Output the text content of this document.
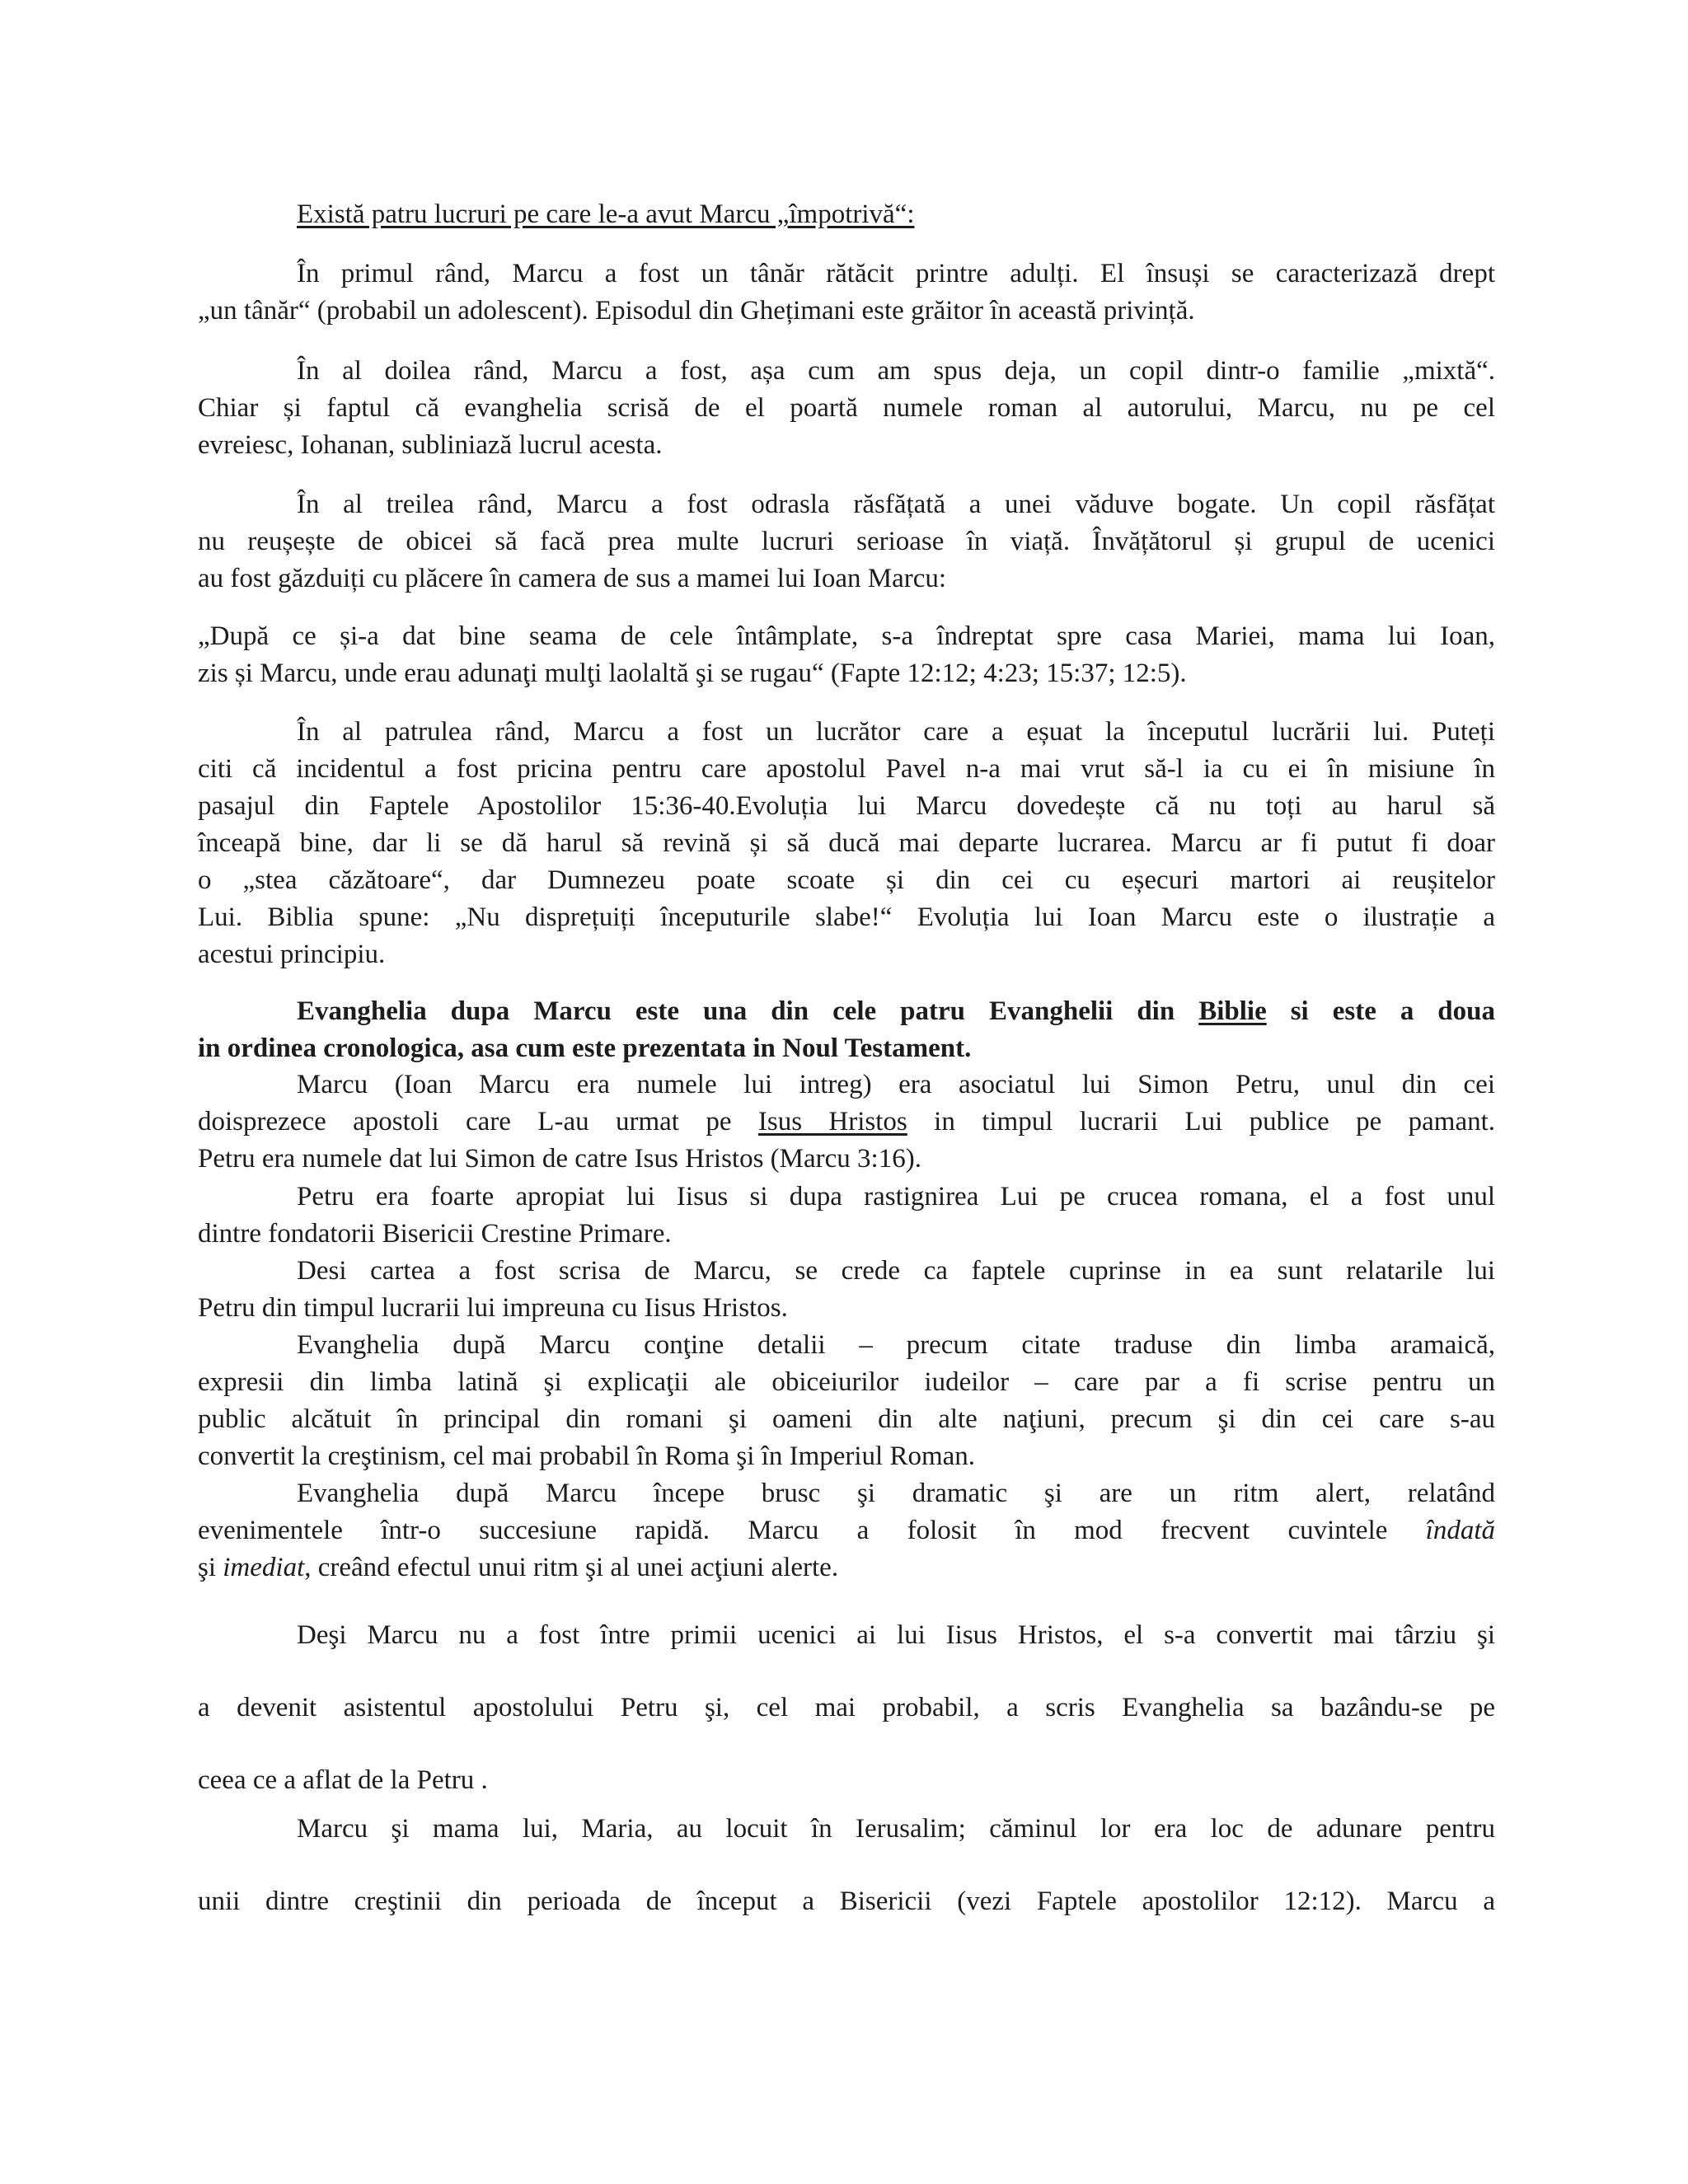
Există patru lucruri pe care le-a avut Marcu „împotrivă“:
În primul rând, Marcu a fost un tânăr rătăcit printre adulți. El însuși se caracterizază drept
„un tânăr“ (probabil un adolescent). Episodul din Ghețimani este grăitor în această privință.
În al doilea rând, Marcu a fost, așa cum am spus deja, un copil dintr-o familie „mixtă“.
Chiar și faptul că evanghelia scrisă de el poartă numele roman al autorului, Marcu, nu pe cel
evreiesc, Iohanan, subliniază lucrul acesta.
În al treilea rând, Marcu a fost odrasla răsfățată a unei văduve bogate. Un copil răsfățat
nu reușește de obicei să facă prea multe lucruri serioase în viață. Învățătorul și grupul de ucenici
au fost găzduiți cu plăcere în camera de sus a mamei lui Ioan Marcu:
„După ce și-a dat bine seama de cele întâmplate, s-a îndreptat spre casa Mariei, mama lui Ioan,
zis și Marcu, unde erau adunaţi mulţi laolaltă şi se rugau“ (Fapte 12:12; 4:23; 15:37; 12:5).
În al patrulea rând, Marcu a fost un lucrător care a eșuat la începutul lucrării lui. Puteți
citi că incidentul a fost pricina pentru care apostolul Pavel n-a mai vrut să-l ia cu ei în misiune în
pasajul din Faptele Apostolilor 15:36-40.Evoluția lui Marcu dovedește că nu toți au harul să
înceapă bine, dar li se dă harul să revină și să ducă mai departe lucrarea. Marcu ar fi putut fi doar
o „stea căzătoare“, dar Dumnezeu poate scoate și din cei cu eșecuri martori ai reușitelor
Lui. Biblia spune: „Nu disprețuiți începuturile slabe!“ Evoluția lui Ioan Marcu este o ilustrație a
acestui principiu.
Evanghelia dupa Marcu este una din cele patru Evanghelii din Biblie si este a doua
in ordinea cronologica, asa cum este prezentata in Noul Testament.
Marcu (Ioan Marcu era numele lui intreg) era asociatul lui Simon Petru, unul din cei
doisprezece apostoli care L-au urmat pe Isus Hristos in timpul lucrarii Lui publice pe pamant.
Petru era numele dat lui Simon de catre Isus Hristos (Marcu 3:16).
Petru era foarte apropiat lui Iisus si dupa rastignirea Lui pe crucea romana, el a fost unul
dintre fondatorii Bisericii Crestine Primare.
Desi cartea a fost scrisa de Marcu, se crede ca faptele cuprinse in ea sunt relatarile lui
Petru din timpul lucrarii lui impreuna cu Iisus Hristos.
Evanghelia după Marcu conţine detalii – precum citate traduse din limba aramaică,
expresii din limba latină şi explicaţii ale obiceiurilor iudeilor – care par a fi scrise pentru un
public alcătuit în principal din romani şi oameni din alte naţiuni, precum şi din cei care s-au
convertit la creştinism, cel mai probabil în Roma şi în Imperiul Roman.
Evanghelia după Marcu începe brusc şi dramatic şi are un ritm alert, relatând
evenimentele într-o succesiune rapidă. Marcu a folosit în mod frecvent cuvintele îndată
şi imediat, creând efectul unui ritm şi al unei acţiuni alerte.
Deşi Marcu nu a fost între primii ucenici ai lui Iisus Hristos, el s-a convertit mai târziu şi
a devenit asistentul apostolului Petru şi, cel mai probabil, a scris Evanghelia sa bazându-se pe
ceea ce a aflat de la Petru .
Marcu şi mama lui, Maria, au locuit în Ierusalim; căminul lor era loc de adunare pentru
unii dintre creştinii din perioada de început a Bisericii (vezi Faptele apostolilor 12:12). Marcu a
